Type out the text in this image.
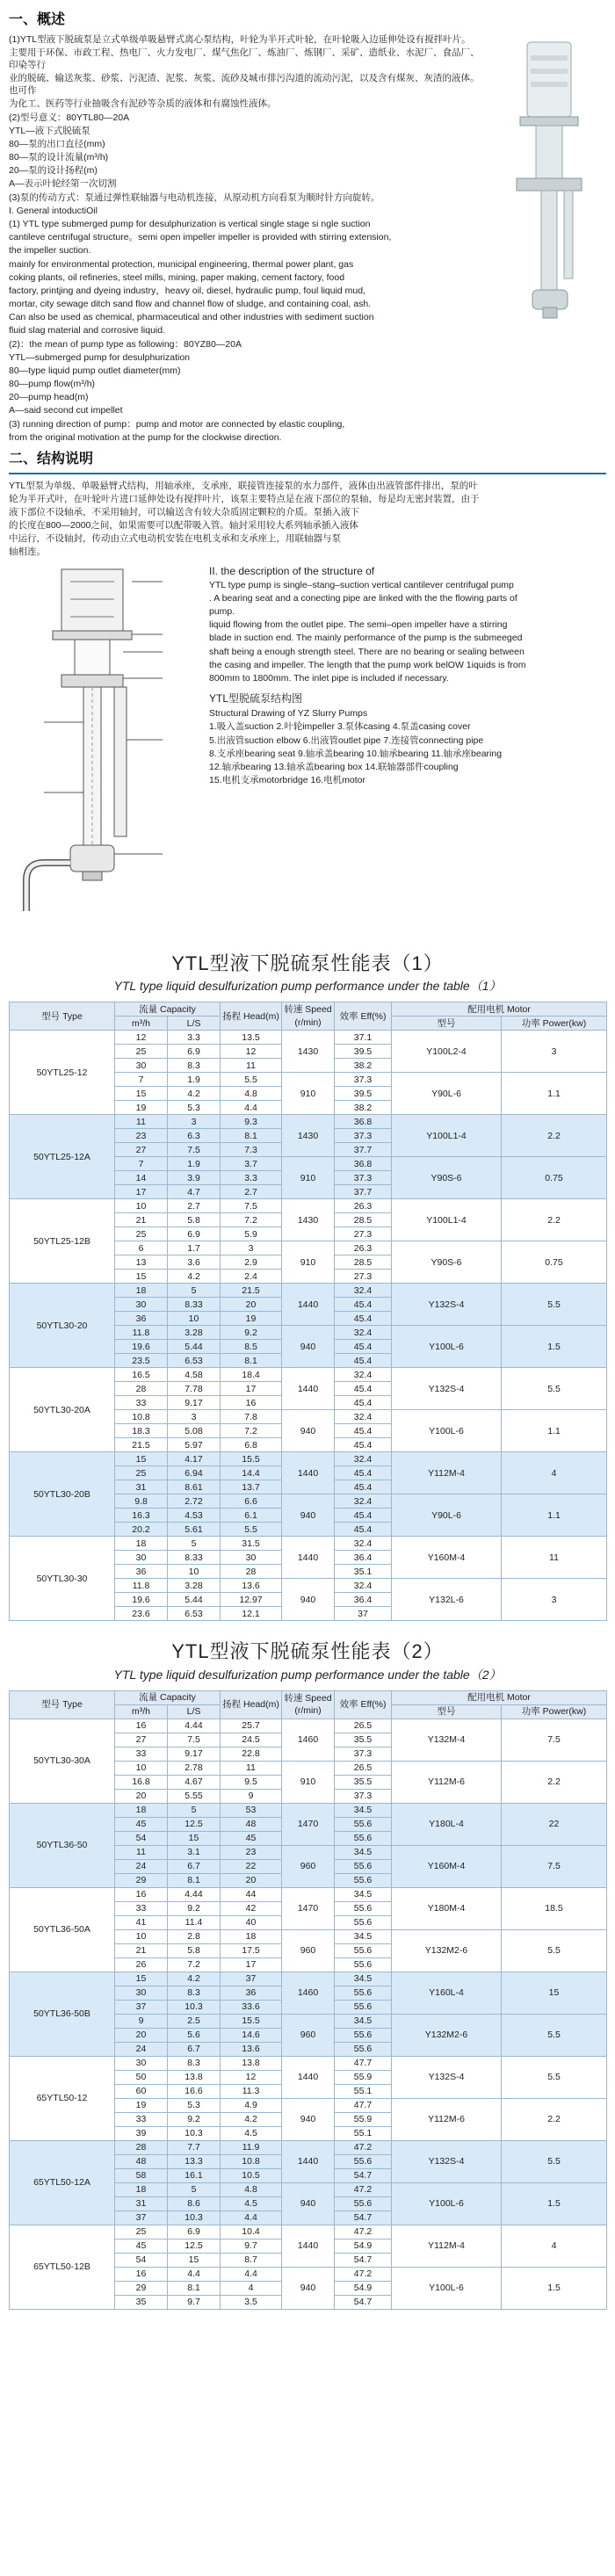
一、概述

(1)YTL型液下脱硫泵是立式单级单吸悬臂式离心泵结构，叶轮为半开式叶轮，在叶轮吸入边延伸处设有搅拌叶片。

主要用于环保、市政工程、热电厂、火力发电厂、煤气焦化厂、炼油厂、炼钢厂、采矿、造纸业、水泥厂、食品厂、印染等行

业的脱硫、输送灰浆、砂浆、污泥渣、泥浆、灰浆、流砂及城市排污沟道的流动污泥，以及含有煤灰、灰渣的液体。也可作

为化工、医药等行业抽吸含有泥砂等杂质的液体和有腐蚀性液体。

(2)型号意义：80YTL80—20A

YTL—液下式脱硫泵

80—泵的出口直径(mm)

80—泵的设计流量(m³/h)

20—泵的设计扬程(m)

A—表示叶轮经第一次切割

(3)泵的传动方式：泵通过弹性联轴器与电动机连接，从原动机方向看泵为顺时针方向旋转。

I. General intoductiOil

(1) YTL type submerged pump for desulphurization is vertical single stage si ngle suction

cantileve centrifugal structure。semi open impeller impeller is provided with stirring extension,

the impeller suction.

mainly for environmental protection, municipal engineering, thermal power plant, gas

coking plants, oil refineries, steel mills, mining, paper making, cement factory, food

factory, printjing and dyeing industry，heavy oil, diesel, hydraulic pump, foul liquid mud,

mortar, city sewage ditch sand flow and channel flow of sludge, and containing coal, ash.

Can also be used as chemical, pharmaceutical and other industries with sediment suction

fluid slag material and corrosive liquid.

(2)：the mean of pump type as following：80YZ80—20A

YTL—submerged pump for desulphurization

80—type liquid pump outlet diameter(mm)

80—pump flow(m³/h)

20—pump head(m)

A—said second cut impellet

(3) running direction of pump：pump and motor are connected by elastic coupling,

from the original motivation at the pump for the clockwise direction.

二、结构说明

YTL型泵为单级、单吸悬臂式结构，用轴承座，支承座，联接管连接泵的水力部件，液体由出液管部件排出，泵的叶

轮为半开式叶，在叶轮叶片进口延伸处设有搅拌叶片，该泵主要特点是在液下部位的泵轴，每是均无密封装置，由于

液下部位不设轴承，不采用轴封，可以输送含有较大杂质固定颗粒的介质。泵插入液下

的长度在800—2000之间，如果需要可以配带吸入管。轴封采用较大系列轴承插入液体

中运行，不设轴封，传动由立式电动机安装在电机支承和支承座上，用联轴器与泵

轴相连。

II. the description of the structure of

YTL type pump is single–stang–suction vertical cantilever centrifugal pump

. A bearing seat and a conecting pipe are linked with the the flowing parts of

pump.

liquid flowing from the outlet pipe. The semi–open impeller have a stirring

blade in suction end. The mainly performance of the pump is the submeeged

shaft being a enough strength steel. There are no bearing or sealing between

the casing and impeller. The length that the pump work belOW 1iquids is from

800mm to 1800mm. The inlet pipe is included if necessary.

YTL型脱硫泵结构图

Structural Drawing of YZ Slurry Pumps

1.吸入盖suction 2.叶轮impeller 3.泵体casing 4.泵盖casing cover

5.出液管suction elbow 6.出液管outlet pipe 7.连接管connecting pipe

8.支承座bearing seat 9.轴承盖bearing 10.轴承bearing 11.轴承座bearing

12.轴承bearing 13.轴承盖bearing box 14.联轴器部件coupling

15.电机支承motorbridge 16.电机motor

YTL型液下脱硫泵性能表（1）
YTL type liquid desulfurization pump performance under the table（1）
型号 Type	流量 Capacity		扬程 Head(m)	转速 Speed (r/min)	效率 Eff(%)	配用电机 Motor	
	m³/h	L/S				型号	功率 Power(kw)
50YTL25-12	12	3.3	13.5	1430	37.1	Y100L2-4	3
	25	6.9	12		39.5		
	30	8.3	11		38.2		
	7	1.9	5.5	910	37.3	Y90L-6	1.1
	15	4.2	4.8		39.5		
	19	5.3	4.4		38.2		
50YTL25-12A	11	3	9.3	1430	36.8	Y100L1-4	2.2
	23	6.3	8.1		37.3		
	27	7.5	7.3		37.7		
	7	1.9	3.7	910	36.8	Y90S-6	0.75
	14	3.9	3.3		37.3		
	17	4.7	2.7		37.7		
50YTL25-12B	10	2.7	7.5	1430	26.3	Y100L1-4	2.2
	21	5.8	7.2		28.5		
	25	6.9	5.9		27.3		
	6	1.7	3	910	26.3	Y90S-6	0.75
	13	3.6	2.9		28.5		
	15	4.2	2.4		27.3		
50YTL30-20	18	5	21.5	1440	32.4	Y132S-4	5.5
	30	8.33	20		45.4		
	36	10	19		45.4		
	11.8	3.28	9.2	940	32.4	Y100L-6	1.5
	19.6	5.44	8.5		45.4		
	23.5	6.53	8.1		45.4		
50YTL30-20A	16.5	4.58	18.4	1440	32.4	Y132S-4	5.5
	28	7.78	17		45.4		
	33	9.17	16		45.4		
	10.8	3	7.8	940	32.4	Y100L-6	1.1
	18.3	5.08	7.2		45.4		
	21.5	5.97	6.8		45.4		
50YTL30-20B	15	4.17	15.5	1440	32.4	Y112M-4	4
	25	6.94	14.4		45.4		
	31	8.61	13.7		45.4		
	9.8	2.72	6.6	940	32.4	Y90L-6	1.1
	16.3	4.53	6.1		45.4		
	20.2	5.61	5.5		45.4		
50YTL30-30	18	5	31.5	1440	32.4	Y160M-4	11
	30	8.33	30		36.4		
	36	10	28		35.1		
	11.8	3.28	13.6	940	32.4	Y132L-6	3
	19.6	5.44	12.97		36.4		
	23.6	6.53	12.1		37		
YTL型液下脱硫泵性能表（2）
YTL type liquid desulfurization pump performance under the table（2）
型号 Type	流量 Capacity		扬程 Head(m)	转速 Speed (r/min)	效率 Eff(%)	配用电机 Motor	
	m³/h	L/S				型号	功率 Power(kw)
50YTL30-30A	16	4.44	25.7	1460	26.5	Y132M-4	7.5
	27	7.5	24.5		35.5		
	33	9.17	22.8		37.3		
	10	2.78	11	910	26.5	Y112M-6	2.2
	16.8	4.67	9.5		35.5		
	20	5.55	9		37.3		
50YTL36-50	18	5	53	1470	34.5	Y180L-4	22
	45	12.5	48		55.6		
	54	15	45		55.6		
	11	3.1	23	960	34.5	Y160M-4	7.5
	24	6.7	22		55.6		
	29	8.1	20		55.6		
50YTL36-50A	16	4.44	44	1470	34.5	Y180M-4	18.5
	33	9.2	42		55.6		
	41	11.4	40		55.6		
	10	2.8	18	960	34.5	Y132M2-6	5.5
	21	5.8	17.5		55.6		
	26	7.2	17		55.6		
50YTL36-50B	15	4.2	37	1460	34.5	Y160L-4	15
	30	8.3	36		55.6		
	37	10.3	33.6		55.6		
	9	2.5	15.5	960	34.5	Y132M2-6	5.5
	20	5.6	14.6		55.6		
	24	6.7	13.6		55.6		
65YTL50-12	30	8.3	13.8	1440	47.7	Y132S-4	5.5
	50	13.8	12		55.9		
	60	16.6	11.3		55.1		
	19	5.3	4.9	940	47.7	Y112M-6	2.2
	33	9.2	4.2		55.9		
	39	10.3	4.5		55.1		
65YTL50-12A	28	7.7	11.9	1440	47.2	Y132S-4	5.5
	48	13.3	10.8		55.6		
	58	16.1	10.5		54.7		
	18	5	4.8	940	47.2	Y100L-6	1.5
	31	8.6	4.5		55.6		
	37	10.3	4.4		54.7		
65YTL50-12B	25	6.9	10.4	1440	47.2	Y112M-4	4
	45	12.5	9.7		54.9		
	54	15	8.7		54.7		
	16	4.4	4.4	940	47.2	Y100L-6	1.5
	29	8.1	4		54.9		
	35	9.7	3.5		54.7		
